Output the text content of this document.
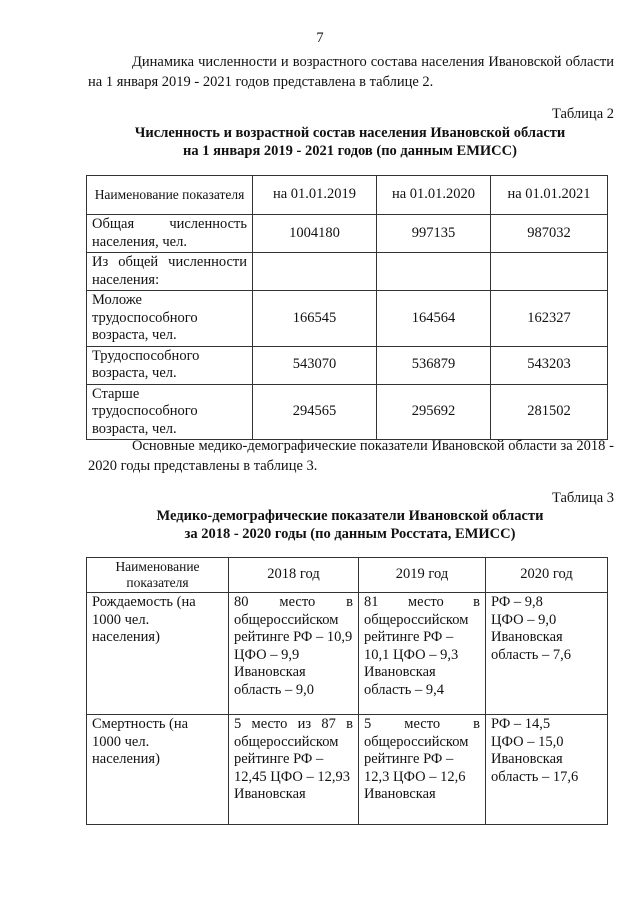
7
Динамика численности и возрастного состава населения Ивановской области на 1 января 2019 - 2021 годов представлена в таблице 2.
Таблица 2
Численность и возрастной состав населения Ивановской области
на 1 января 2019 - 2021 годов (по данным ЕМИСС)
Наименование показателя	на 01.01.2019	на 01.01.2020	на 01.01.2021

Общая численность
населения, чел.	1004180	997135	987032

Из общей численности
населения:			

Моложе
трудоспособного возраста, чел.	166545	164564	162327

Трудоспособного
возраста, чел.	543070	536879	543203

Старше
трудоспособного возраста, чел.	294565	295692	281502
Основные медико-демографические показатели Ивановской области за 2018 - 2020 годы представлены в таблице 3.
Таблица 3
Медико-демографические показатели Ивановской области
за 2018 - 2020 годы (по данным Росстата, ЕМИСС)
Наименование показателя	2018 год	2019 год	2020 год
Рождаемость (на 1000 чел. населения)	80 место в
общероссийском рейтинге РФ – 10,9 ЦФО – 9,9 Ивановская область – 9,0	81 место в
общероссийском рейтинге РФ – 10,1 ЦФО – 9,3 Ивановская область – 9,4	РФ – 9,8
ЦФО – 9,0 Ивановская область – 7,6
Смертность (на 1000 чел. населения)	5 место из 87 в
общероссийском рейтинге РФ – 12,45 ЦФО – 12,93 Ивановская	5 место в
общероссийском рейтинге РФ – 12,3 ЦФО – 12,6 Ивановская	РФ – 14,5
ЦФО – 15,0 Ивановская область – 17,6
